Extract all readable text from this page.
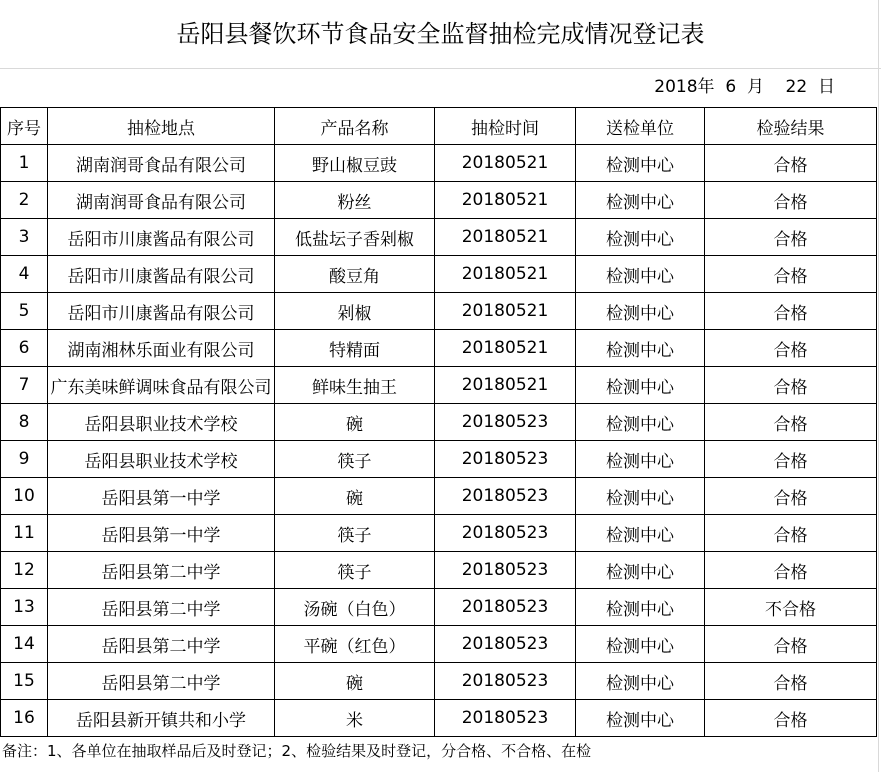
岳阳县餐饮环节食品安全监督抽检完成情况登记表
2018年  6  月    22  日
序号	抽检地点	产品名称	抽检时间	送检单位	检验结果
1	湖南润哥食品有限公司	野山椒豆豉	20180521	检测中心	合格
2	湖南润哥食品有限公司	粉丝	20180521	检测中心	合格
3	岳阳市川康酱品有限公司	低盐坛子香剁椒	20180521	检测中心	合格
4	岳阳市川康酱品有限公司	酸豆角	20180521	检测中心	合格
5	岳阳市川康酱品有限公司	剁椒	20180521	检测中心	合格
6	湖南湘林乐面业有限公司	特精面	20180521	检测中心	合格
7	广东美味鲜调味食品有限公司	鲜味生抽王	20180521	检测中心	合格
8	岳阳县职业技术学校	碗	20180523	检测中心	合格
9	岳阳县职业技术学校	筷子	20180523	检测中心	合格
10	岳阳县第一中学	碗	20180523	检测中心	合格
11	岳阳县第一中学	筷子	20180523	检测中心	合格
12	岳阳县第二中学	筷子	20180523	检测中心	合格
13	岳阳县第二中学	汤碗（白色）	20180523	检测中心	不合格
14	岳阳县第二中学	平碗（红色）	20180523	检测中心	合格
15	岳阳县第二中学	碗	20180523	检测中心	合格
16	岳阳县新开镇共和小学	米	20180523	检测中心	合格
备注：1、各单位在抽取样品后及时登记；2、检验结果及时登记，分合格、不合格、在检
